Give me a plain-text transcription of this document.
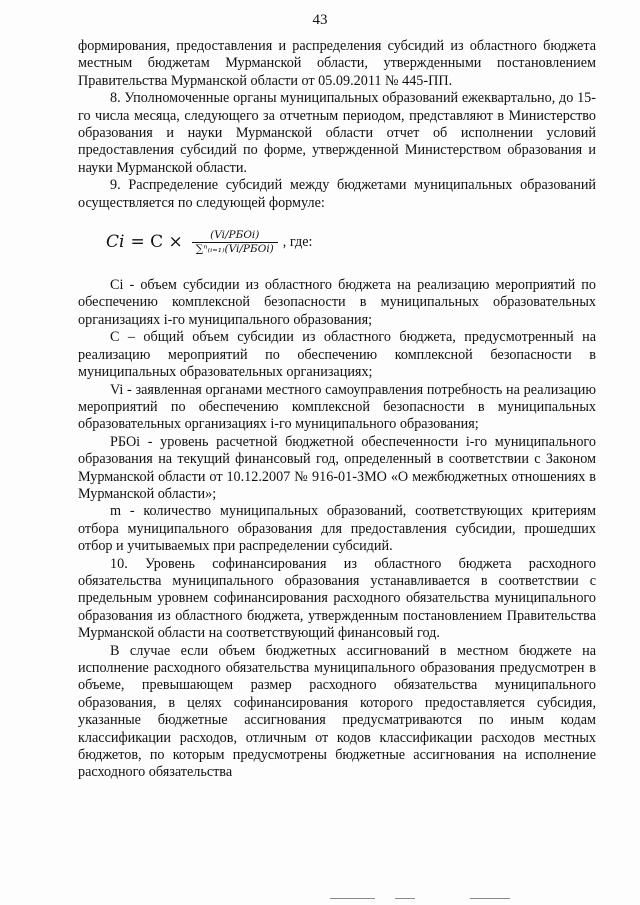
43

формирования, предоставления и распределения субсидий из областного бюджета местным бюджетам Мурманской области, утвержденными постановлением Правительства Мурманской области от 05.09.2011 № 445-ПП.

8. Уполномоченные органы муниципальных образований ежеквартально, до 15-го числа месяца, следующего за отчетным периодом, представляют в Министерство образования и науки Мурманской области отчет об исполнении условий предоставления субсидий по форме, утвержденной Министерством образования и науки Мурманской области.

9. Распределение субсидий между бюджетами муниципальных образований осуществляется по следующей формуле:

$Ci = C \times \frac{\text{(Vi/РБОi)}}{\text{∑ⁿ₍ᵢ₌₁₎(Vi/РБОi)}}$ , где:

Ci - объем субсидии из областного бюджета на реализацию мероприятий по обеспечению комплексной безопасности в муниципальных образовательных организациях i-го муниципального образования;

С – общий объем субсидии из областного бюджета, предусмотренный на реализацию мероприятий по обеспечению комплексной безопасности в муниципальных образовательных организациях;

Vi - заявленная органами местного самоуправления потребность на реализацию мероприятий по обеспечению комплексной безопасности в муниципальных образовательных организациях i-го муниципального образования;

РБОi - уровень расчетной бюджетной обеспеченности i-го муниципального образования на текущий финансовый год, определенный в соответствии с Законом Мурманской области от 10.12.2007 № 916-01-ЗМО «О межбюджетных отношениях в Мурманской области»;

m - количество муниципальных образований, соответствующих критериям отбора муниципального образования для предоставления субсидии, прошедших отбор и учитываемых при распределении субсидий.

10. Уровень софинансирования из областного бюджета расходного обязательства муниципального образования устанавливается в соответствии с предельным уровнем софинансирования расходного обязательства муниципального образования из областного бюджета, утвержденным постановлением Правительства Мурманской области на соответствующий финансовый год.

В случае если объем бюджетных ассигнований в местном бюджете на исполнение расходного обязательства муниципального образования предусмотрен в объеме, превышающем размер расходного обязательства муниципального образования, в целях софинансирования которого предоставляется субсидия, указанные бюджетные ассигнования предусматриваются по иным кодам классификации расходов, отличным от кодов классификации расходов местных бюджетов, по которым предусмотрены бюджетные ассигнования на исполнение расходного обязательства
